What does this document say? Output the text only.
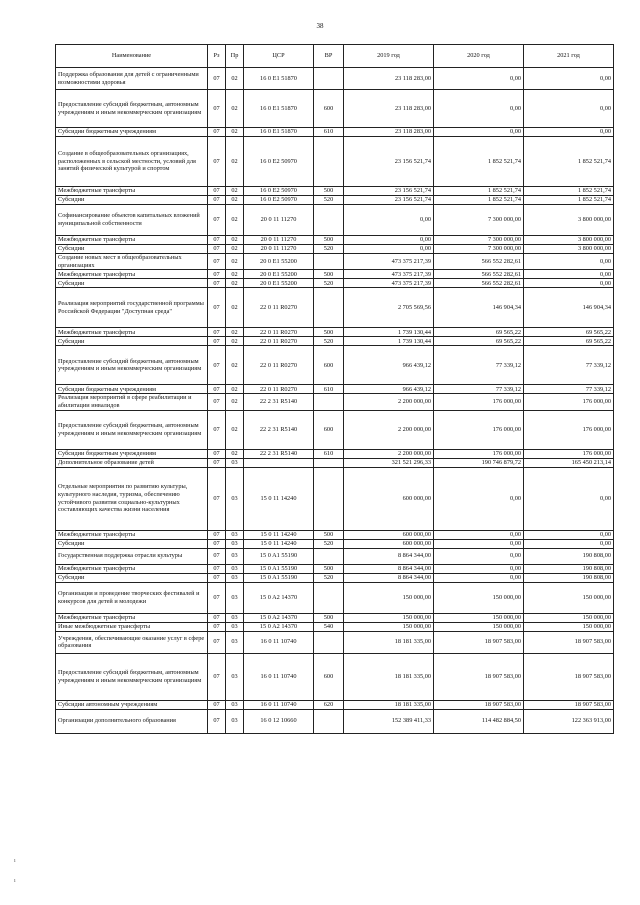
38
Наименование	Рз	Пр	ЦСР	ВР	2019 год	2020 год	2021 год
Поддержка образования для детей с ограниченными возможностями здоровья	07	02	16 0 E1 51870		23 118 283,00	0,00	0,00
Предоставление субсидий бюджетным, автономным учреждениям и иным некоммерческим организациям	07	02	16 0 E1 51870	600	23 118 283,00	0,00	0,00
Субсидии бюджетным учреждениям	07	02	16 0 E1 51870	610	23 118 283,00	0,00	0,00
Создание в общеобразовательных организациях, расположенных в сельской местности, условий для занятий физической культурой и спортом	07	02	16 0 E2 50970		23 156 521,74	1 852 521,74	1 852 521,74
Межбюджетные трансферты	07	02	16 0 E2 50970	500	23 156 521,74	1 852 521,74	1 852 521,74
Субсидии	07	02	16 0 E2 50970	520	23 156 521,74	1 852 521,74	1 852 521,74
Софинансирование объектов капитальных вложений муниципальной собственности	07	02	20 0 11 11270		0,00	7 300 000,00	3 800 000,00
Межбюджетные трансферты	07	02	20 0 11 11270	500	0,00	7 300 000,00	3 800 000,00
Субсидии	07	02	20 0 11 11270	520	0,00	7 300 000,00	3 800 000,00
Создание новых мест в общеобразовательных организациях	07	02	20 0 E1 55200		473 375 217,39	566 552 282,61	0,00
Межбюджетные трансферты	07	02	20 0 E1 55200	500	473 375 217,39	566 552 282,61	0,00
Субсидии	07	02	20 0 E1 55200	520	473 375 217,39	566 552 282,61	0,00
Реализация мероприятий государственной программы Российской Федерации "Доступная среда"	07	02	22 0 11 R0270		2 705 569,56	146 904,34	146 904,34
Межбюджетные трансферты	07	02	22 0 11 R0270	500	1 739 130,44	69 565,22	69 565,22
Субсидии	07	02	22 0 11 R0270	520	1 739 130,44	69 565,22	69 565,22
Предоставление субсидий бюджетным, автономным учреждениям и иным некоммерческим организациям	07	02	22 0 11 R0270	600	966 439,12	77 339,12	77 339,12
Субсидии бюджетным учреждениям	07	02	22 0 11 R0270	610	966 439,12	77 339,12	77 339,12
Реализация мероприятий в сфере реабилитации и абилитации инвалидов	07	02	22 2 31 R5140		2 200 000,00	176 000,00	176 000,00
Предоставление субсидий бюджетным, автономным учреждениям и иным некоммерческим организациям	07	02	22 2 31 R5140	600	2 200 000,00	176 000,00	176 000,00
Субсидии бюджетным учреждениям	07	02	22 2 31 R5140	610	2 200 000,00	176 000,00	176 000,00
Дополнительное образование детей	07	03			321 521 296,33	190 746 879,72	165 450 213,14
Отдельные мероприятия по развитию культуры, культурного наследия, туризма, обеспечению устойчивого развития социально-культурных составляющих качества жизни населения	07	03	15 0 11 14240		600 000,00	0,00	0,00
Межбюджетные трансферты	07	03	15 0 11 14240	500	600 000,00	0,00	0,00
Субсидии	07	03	15 0 11 14240	520	600 000,00	0,00	0,00
Государственная поддержка отрасли культуры	07	03	15 0 A1 55190		8 864 344,00	0,00	190 808,00
Межбюджетные трансферты	07	03	15 0 A1 55190	500	8 864 344,00	0,00	190 808,00
Субсидии	07	03	15 0 A1 55190	520	8 864 344,00	0,00	190 808,00
Организация и проведение творческих фестивалей и конкурсов для детей и молодежи	07	03	15 0 A2 14370		150 000,00	150 000,00	150 000,00
Межбюджетные трансферты	07	03	15 0 A2 14370	500	150 000,00	150 000,00	150 000,00
Иные межбюджетные трансферты	07	03	15 0 A2 14370	540	150 000,00	150 000,00	150 000,00
Учреждения, обеспечивающие оказание услуг в сфере образования	07	03	16 0 11 10740		18 181 335,00	18 907 583,00	18 907 583,00
Предоставление субсидий бюджетным, автономным учреждениям и иным некоммерческим организациям	07	03	16 0 11 10740	600	18 181 335,00	18 907 583,00	18 907 583,00
Субсидии автономным учреждениям	07	03	16 0 11 10740	620	18 181 335,00	18 907 583,00	18 907 583,00
Организации дополнительного образования	07	03	16 0 12 10660		152 389 411,33	114 482 884,50	122 363 913,00
ı
ı
